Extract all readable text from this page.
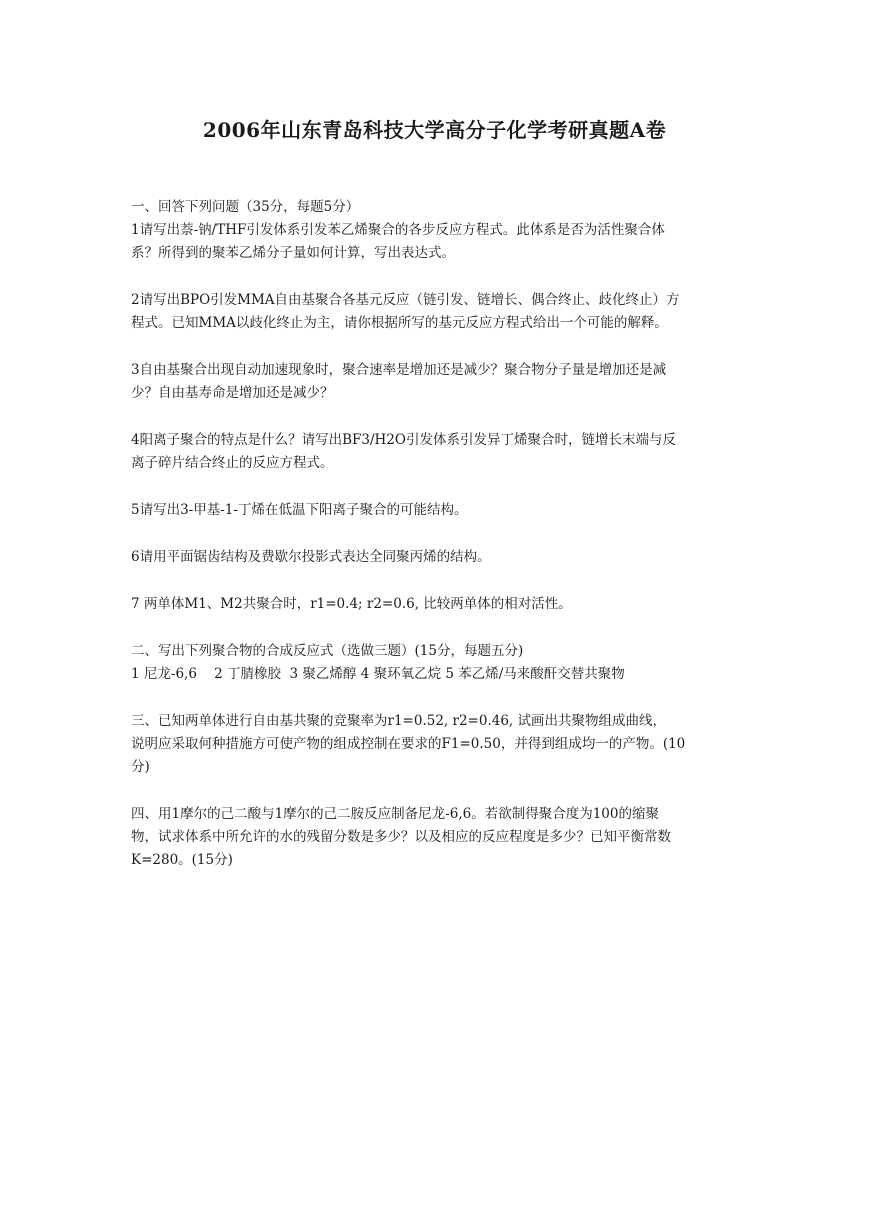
2006年山东青岛科技大学高分子化学考研真题A卷
一、回答下列问题（35分，每题5分）
1请写出萘-钠/THF引发体系引发苯乙烯聚合的各步反应方程式。此体系是否为活性聚合体
系？所得到的聚苯乙烯分子量如何计算，写出表达式。
2请写出BPO引发MMA自由基聚合各基元反应（链引发、链增长、偶合终止、歧化终止）方
程式。已知MMA以歧化终止为主，请你根据所写的基元反应方程式给出一个可能的解释。
3自由基聚合出现自动加速现象时，聚合速率是增加还是减少？聚合物分子量是增加还是减
少？自由基寿命是增加还是减少？
4阳离子聚合的特点是什么？请写出BF3/H2O引发体系引发异丁烯聚合时，链增长末端与反
离子碎片结合终止的反应方程式。
5请写出3-甲基-1-丁烯在低温下阳离子聚合的可能结构。
6请用平面锯齿结构及费歇尔投影式表达全同聚丙烯的结构。
7 两单体M1、M2共聚合时，r1=0.4; r2=0.6, 比较两单体的相对活性。
二、写出下列聚合物的合成反应式（选做三题）(15分，每题五分)
1 尼龙-6,6    2 丁腈橡胶  3 聚乙烯醇 4 聚环氧乙烷 5 苯乙烯/马来酸酐交替共聚物
三、已知两单体进行自由基共聚的竞聚率为r1=0.52, r2=0.46, 试画出共聚物组成曲线，
说明应采取何种措施方可使产物的组成控制在要求的F1=0.50，并得到组成均一的产物。(10
分)
四、用1摩尔的己二酸与1摩尔的己二胺反应制备尼龙-6,6。若欲制得聚合度为100的缩聚
物，试求体系中所允许的水的残留分数是多少？以及相应的反应程度是多少？已知平衡常数
K=280。(15分)
